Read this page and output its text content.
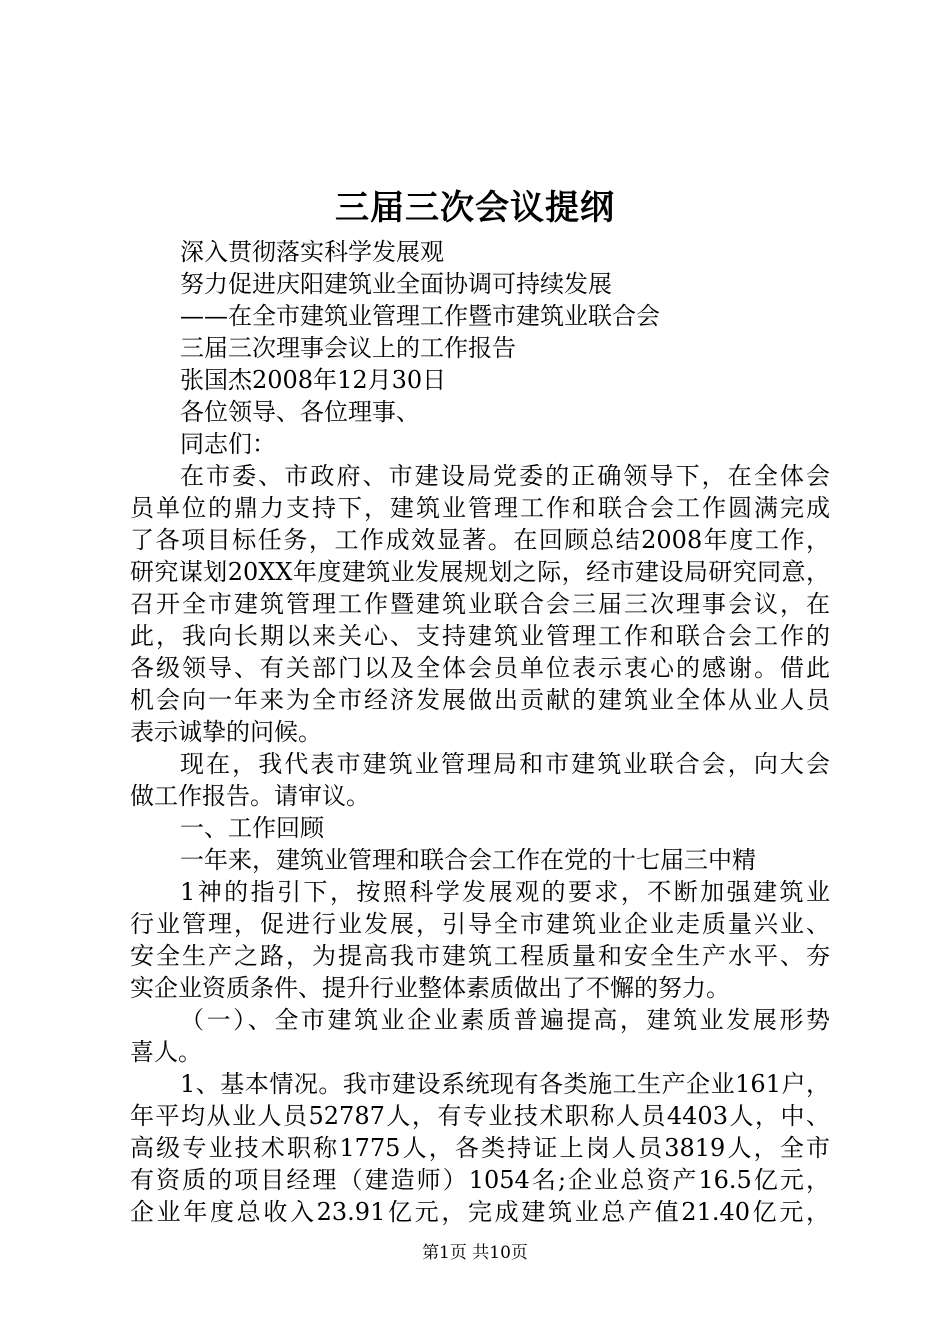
三届三次会议提纲
深入贯彻落实科学发展观
努力促进庆阳建筑业全面协调可持续发展
——在全市建筑业管理工作暨市建筑业联合会
三届三次理事会议上的工作报告
张国杰2008年12月30日
各位领导、各位理事、
同志们：
在市委、市政府、市建设局党委的正确领导下，在全体会
员单位的鼎力支持下，建筑业管理工作和联合会工作圆满完成
了各项目标任务，工作成效显著。在回顾总结2008年度工作，
研究谋划20XX年度建筑业发展规划之际，经市建设局研究同意，
召开全市建筑管理工作暨建筑业联合会三届三次理事会议，在
此，我向长期以来关心、支持建筑业管理工作和联合会工作的
各级领导、有关部门以及全体会员单位表示衷心的感谢。借此
机会向一年来为全市经济发展做出贡献的建筑业全体从业人员
表示诚挚的问候。
现在，我代表市建筑业管理局和市建筑业联合会，向大会
做工作报告。请审议。
一、工作回顾
一年来，建筑业管理和联合会工作在党的十七届三中精
1神的指引下，按照科学发展观的要求，不断加强建筑业
行业管理，促进行业发展，引导全市建筑业企业走质量兴业、
安全生产之路，为提高我市建筑工程质量和安全生产水平、夯
实企业资质条件、提升行业整体素质做出了不懈的努力。
（一）、全市建筑业企业素质普遍提高，建筑业发展形势
喜人。
1、基本情况。我市建设系统现有各类施工生产企业161户，
年平均从业人员52787人，有专业技术职称人员4403人，中、
高级专业技术职称1775人，各类持证上岗人员3819人，全市
有资质的项目经理（建造师）1054名;企业总资产16.5亿元，
企业年度总收入23.91亿元，完成建筑业总产值21.40亿元，
第1页 共10页
